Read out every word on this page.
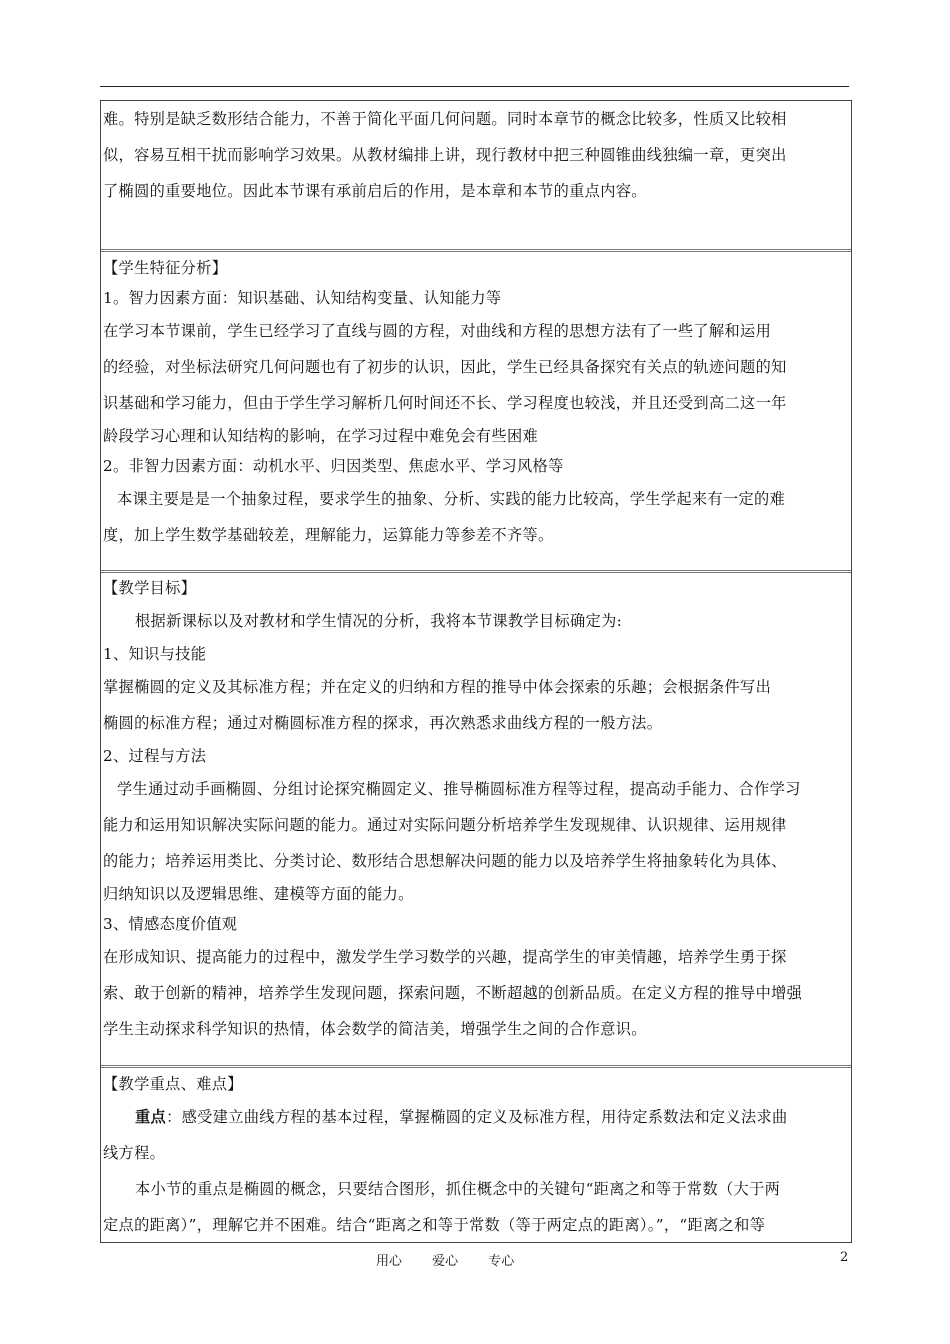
难。特别是缺乏数形结合能力，不善于简化平面几何问题。同时本章节的概念比较多，性质又比较相

似，容易互相干扰而影响学习效果。从教材编排上讲，现行教材中把三种圆锥曲线独编一章，更突出

了椭圆的重要地位。因此本节课有承前启后的作用，是本章和本节的重点内容。

【学生特征分析】

1。智力因素方面：知识基础、认知结构变量、认知能力等

在学习本节课前，学生已经学习了直线与圆的方程，对曲线和方程的思想方法有了一些了解和运用

的经验，对坐标法研究几何问题也有了初步的认识，因此，学生已经具备探究有关点的轨迹问题的知

识基础和学习能力，但由于学生学习解析几何时间还不长、学习程度也较浅，并且还受到高二这一年

龄段学习心理和认知结构的影响，在学习过程中难免会有些困难

2。非智力因素方面：动机水平、归因类型、焦虑水平、学习风格等

本课主要是是一个抽象过程，要求学生的抽象、分析、实践的能力比较高，学生学起来有一定的难

度，加上学生数学基础较差，理解能力，运算能力等参差不齐等。

【教学目标】

根据新课标以及对教材和学生情况的分析，我将本节课教学目标确定为:

1、知识与技能

掌握椭圆的定义及其标准方程；并在定义的归纳和方程的推导中体会探索的乐趣；会根据条件写出

椭圆的标准方程；通过对椭圆标准方程的探求，再次熟悉求曲线方程的一般方法。

2、过程与方法

学生通过动手画椭圆、分组讨论探究椭圆定义、推导椭圆标准方程等过程，提高动手能力、合作学习

能力和运用知识解决实际问题的能力。通过对实际问题分析培养学生发现规律、认识规律、运用规律

的能力；培养运用类比、分类讨论、数形结合思想解决问题的能力以及培养学生将抽象转化为具体、

归纳知识以及逻辑思维、建模等方面的能力。

3、情感态度价值观

在形成知识、提高能力的过程中，激发学生学习数学的兴趣，提高学生的审美情趣，培养学生勇于探

索、敢于创新的精神，培养学生发现问题，探索问题，不断超越的创新品质。在定义方程的推导中增强

学生主动探求科学知识的热情，体会数学的简洁美，增强学生之间的合作意识。

【教学重点、难点】

重点：感受建立曲线方程的基本过程，掌握椭圆的定义及标准方程，用待定系数法和定义法求曲

线方程。

本小节的重点是椭圆的概念，只要结合图形，抓住概念中的关键句“距离之和等于常数（大于两

定点的距离）”，理解它并不困难。结合“距离之和等于常数（等于两定点的距离）。”，“距离之和等

用心 爱心 专心	2
